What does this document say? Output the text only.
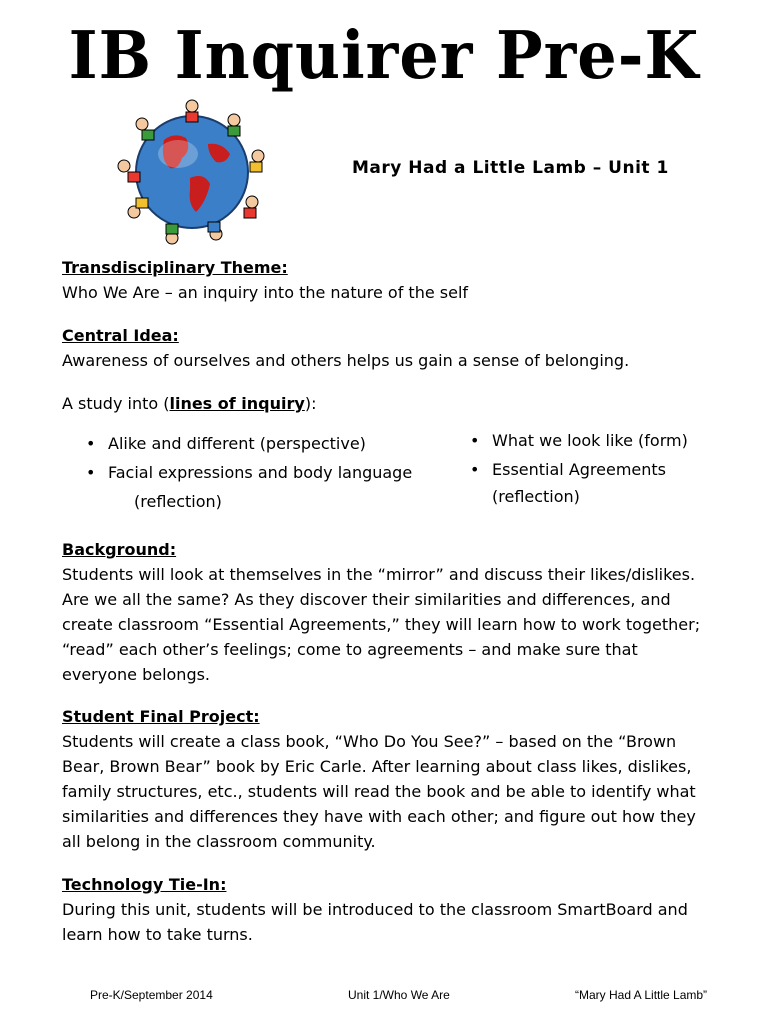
IB Inquirer Pre-K
Mary Had a Little Lamb – Unit 1
Transdisciplinary Theme:
Who We Are – an inquiry into the nature of the self
Central Idea:
Awareness of ourselves and others helps us gain a sense of belonging.
A study into (lines of inquiry):
• Alike and different (perspective)
• Facial expressions and body language
(reflection)
• What we look like (form)
• Essential Agreements
(reflection)
Background:
Students will look at themselves in the “mirror” and discuss their likes/dislikes.
Are we all the same? As they discover their similarities and differences, and
create classroom “Essential Agreements,” they will learn how to work together;
“read” each other’s feelings; come to agreements – and make sure that
everyone belongs.
Student Final Project:
Students will create a class book, “Who Do You See?” – based on the “Brown
Bear, Brown Bear” book by Eric Carle. After learning about class likes, dislikes,
family structures, etc., students will read the book and be able to identify what
similarities and differences they have with each other; and figure out how they
all belong in the classroom community.
Technology Tie-In:
During this unit, students will be introduced to the classroom SmartBoard and
learn how to take turns.
Pre-K/September 2014	Unit 1/Who We Are	“Mary Had A Little Lamb”
